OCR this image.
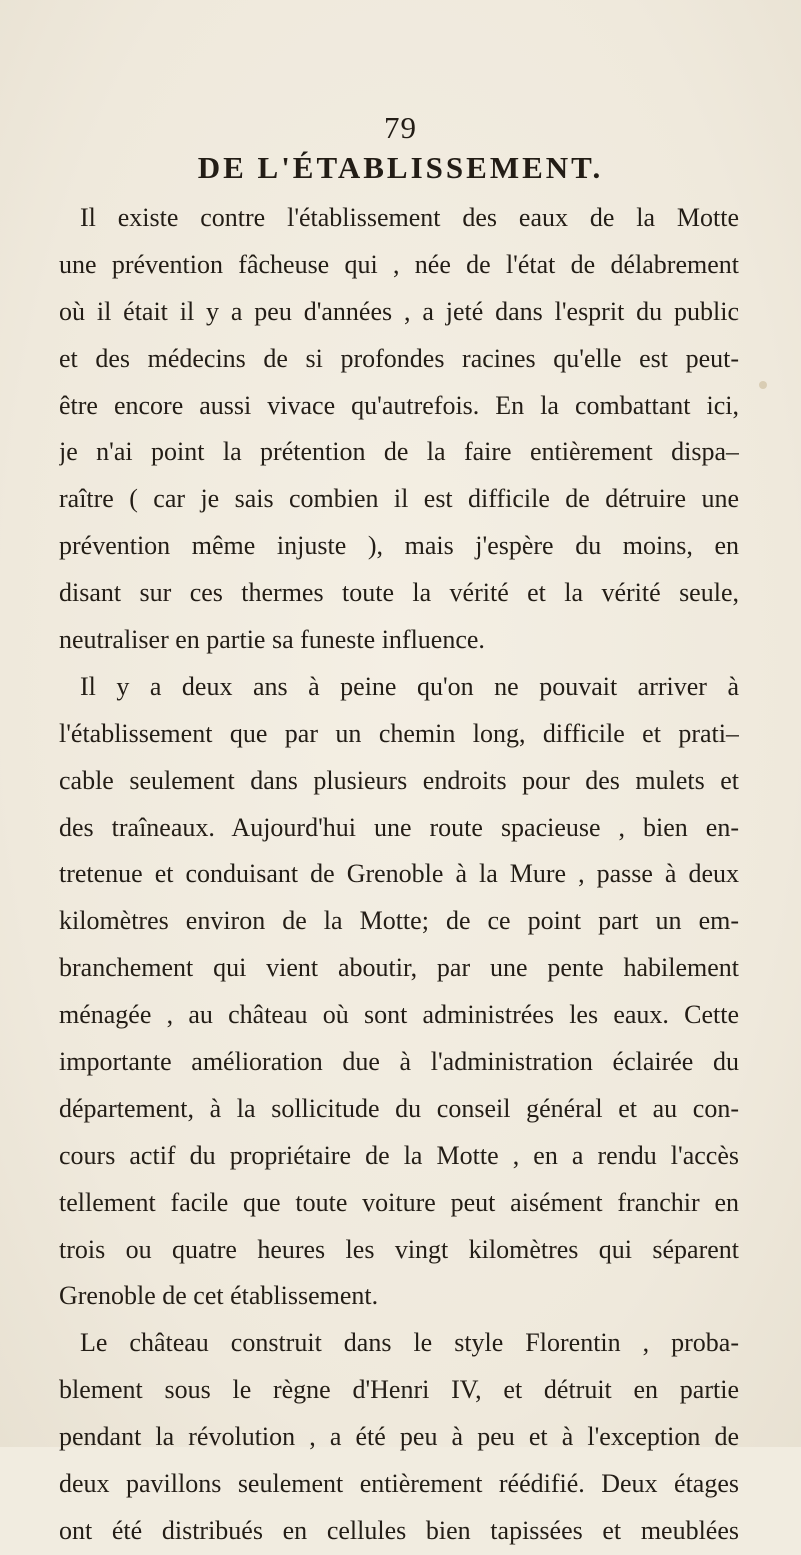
79
DE L'ÉTABLISSEMENT.
Il existe contre l'établissement des eaux de la Motte
une prévention fâcheuse qui , née de l'état de délabrement
où il était il y a peu d'années , a jeté dans l'esprit du public
et des médecins de si profondes racines qu'elle est peut-
être encore aussi vivace qu'autrefois. En la combattant ici,
je n'ai point la prétention de la faire entièrement dispa–
raître ( car je sais combien il est difficile de détruire une
prévention même injuste ), mais j'espère du moins, en
disant sur ces thermes toute la vérité et la vérité seule,
neutraliser en partie sa funeste influence.
Il y a deux ans à peine qu'on ne pouvait arriver à
l'établissement que par un chemin long, difficile et prati–
cable seulement dans plusieurs endroits pour des mulets et
des traîneaux. Aujourd'hui une route spacieuse , bien en-
tretenue et conduisant de Grenoble à la Mure , passe à deux
kilomètres environ de la Motte; de ce point part un em-
branchement qui vient aboutir, par une pente habilement
ménagée , au château où sont administrées les eaux. Cette
importante amélioration due à l'administration éclairée du
département, à la sollicitude du conseil général et au con-
cours actif du propriétaire de la Motte , en a rendu l'accès
tellement facile que toute voiture peut aisément franchir en
trois ou quatre heures les vingt kilomètres qui séparent
Grenoble de cet établissement.
Le château construit dans le style Florentin , proba-
blement sous le règne d'Henri IV, et détruit en partie
pendant la révolution , a été peu à peu et à l'exception de
deux pavillons seulement entièrement réédifié. Deux étages
ont été distribués en cellules bien tapissées et meublées
